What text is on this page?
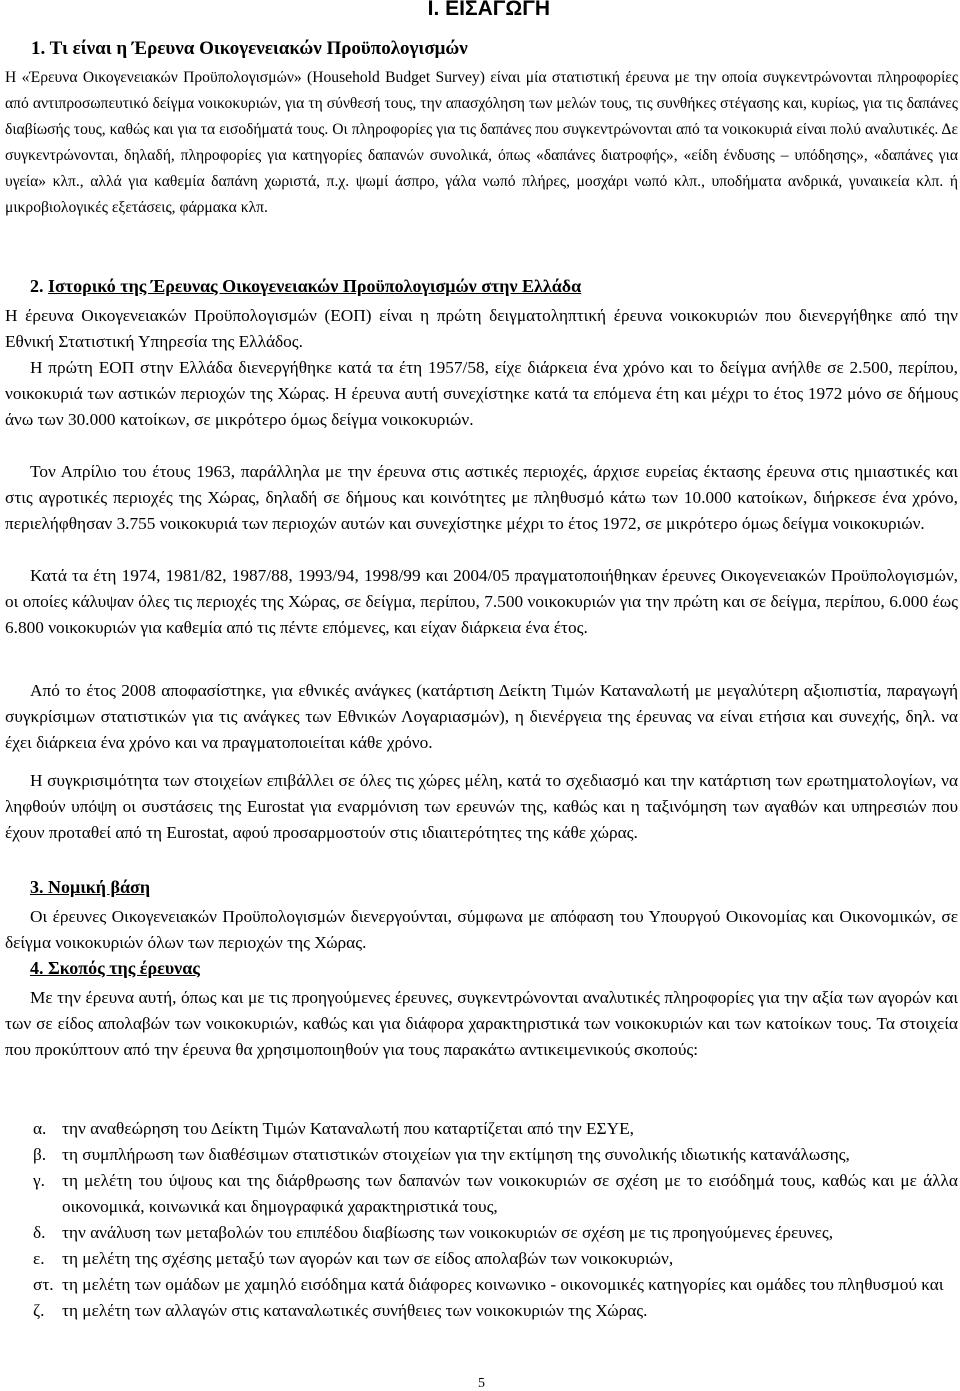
Ι. ΕΙΣΑΓΩΓΗ
1. Τι είναι η Έρευνα Οικογενειακών Προϋπολογισμών
Η «Έρευνα Οικογενειακών Προϋπολογισμών» (Household Budget Survey) είναι μία στατιστική έρευνα με την οποία συγκεντρώνονται πληροφορίες από αντιπροσωπευτικό δείγμα νοικοκυριών, για τη σύνθεσή τους, την απασχόληση των μελών τους, τις συνθήκες στέγασης και, κυρίως, για τις δαπάνες διαβίωσής τους, καθώς και για τα εισοδήματά τους. Οι πληροφορίες για τις δαπάνες που συγκεντρώνονται από τα νοικοκυριά είναι πολύ αναλυτικές. Δε συγκεντρώνονται, δηλαδή, πληροφορίες για κατηγορίες δαπανών συνολικά, όπως «δαπάνες διατροφής», «είδη ένδυσης – υπόδησης», «δαπάνες για υγεία» κλπ., αλλά για καθεμία δαπάνη χωριστά, π.χ. ψωμί άσπρο, γάλα νωπό πλήρες, μοσχάρι νωπό κλπ., υποδήματα ανδρικά, γυναικεία κλπ. ή μικροβιολογικές εξετάσεις, φάρμακα κλπ.
2. Ιστορικό της Έρευνας Οικογενειακών Προϋπολογισμών στην Ελλάδα
Η έρευνα Οικογενειακών Προϋπολογισμών (ΕΟΠ) είναι η πρώτη δειγματοληπτική έρευνα νοικοκυριών που διενεργήθηκε από την Εθνική Στατιστική Υπηρεσία της Ελλάδος.
Η πρώτη ΕΟΠ στην Ελλάδα διενεργήθηκε κατά τα έτη 1957/58, είχε διάρκεια ένα χρόνο και το δείγμα ανήλθε σε 2.500, περίπου, νοικοκυριά των αστικών περιοχών της Χώρας. Η έρευνα αυτή συνεχίστηκε κατά τα επόμενα έτη και μέχρι το έτος 1972 μόνο σε δήμους άνω των 30.000 κατοίκων, σε μικρότερο όμως δείγμα νοικοκυριών.
Τον Απρίλιο του έτους 1963, παράλληλα με την έρευνα στις αστικές περιοχές, άρχισε ευρείας έκτασης έρευνα στις ημιαστικές και στις αγροτικές περιοχές της Χώρας, δηλαδή σε δήμους και κοινότητες με πληθυσμό κάτω των 10.000 κατοίκων, διήρκεσε ένα χρόνο, περιελήφθησαν 3.755 νοικοκυριά των περιοχών αυτών και συνεχίστηκε μέχρι το έτος 1972, σε μικρότερο όμως δείγμα νοικοκυριών.
Κατά τα έτη 1974, 1981/82, 1987/88, 1993/94, 1998/99 και 2004/05 πραγματοποιήθηκαν έρευνες Οικογενειακών Προϋπολογισμών, οι οποίες κάλυψαν όλες τις περιοχές της Χώρας, σε δείγμα, περίπου, 7.500 νοικοκυριών για την πρώτη και σε δείγμα, περίπου, 6.000 έως 6.800 νοικοκυριών για καθεμία από τις πέντε επόμενες, και είχαν διάρκεια ένα έτος.
Από το έτος 2008 αποφασίστηκε, για εθνικές ανάγκες (κατάρτιση Δείκτη Τιμών Καταναλωτή με μεγαλύτερη αξιοπιστία, παραγωγή συγκρίσιμων στατιστικών για τις ανάγκες των Εθνικών Λογαριασμών), η διενέργεια της έρευνας να είναι ετήσια και συνεχής, δηλ. να έχει διάρκεια ένα χρόνο και να πραγματοποιείται κάθε χρόνο.
Η συγκρισιμότητα των στοιχείων επιβάλλει σε όλες τις χώρες μέλη, κατά το σχεδιασμό και την κατάρτιση των ερωτηματολογίων, να ληφθούν υπόψη οι συστάσεις της Eurostat για εναρμόνιση των ερευνών της, καθώς και η ταξινόμηση των αγαθών και υπηρεσιών που έχουν προταθεί από τη Eurostat, αφού προσαρμοστούν στις ιδιαιτερότητες της κάθε χώρας.
3. Νομική βάση
Οι έρευνες Οικογενειακών Προϋπολογισμών διενεργούνται, σύμφωνα με απόφαση του Υπουργού Οικονομίας και Οικονομικών, σε δείγμα νοικοκυριών όλων των περιοχών της Χώρας.
4. Σκοπός της έρευνας
Με την έρευνα αυτή, όπως και με τις προηγούμενες έρευνες, συγκεντρώνονται αναλυτικές πληροφορίες για την αξία των αγορών και των σε είδος απολαβών των νοικοκυριών, καθώς και για διάφορα χαρακτηριστικά των νοικοκυριών και των κατοίκων τους. Τα στοιχεία που προκύπτουν από την έρευνα θα χρησιμοποιηθούν για τους παρακάτω αντικειμενικούς σκοπούς:
α. την αναθεώρηση του Δείκτη Τιμών Καταναλωτή που καταρτίζεται από την ΕΣΥΕ,
β. τη συμπλήρωση των διαθέσιμων στατιστικών στοιχείων για την εκτίμηση της συνολικής ιδιωτικής κατανάλωσης,
γ. τη μελέτη του ύψους και της διάρθρωσης των δαπανών των νοικοκυριών σε σχέση με το εισόδημά τους, καθώς και με άλλα οικονομικά, κοινωνικά και δημογραφικά χαρακτηριστικά τους,
δ. την ανάλυση των μεταβολών του επιπέδου διαβίωσης των νοικοκυριών σε σχέση με τις προηγούμενες έρευνες,
ε. τη μελέτη της σχέσης μεταξύ των αγορών και των σε είδος απολαβών των νοικοκυριών,
στ. τη μελέτη των ομάδων με χαμηλό εισόδημα κατά διάφορες κοινωνικο - οικονομικές κατηγορίες και ομάδες του πληθυσμού και
ζ. τη μελέτη των αλλαγών στις καταναλωτικές συνήθειες των νοικοκυριών της Χώρας.
5
